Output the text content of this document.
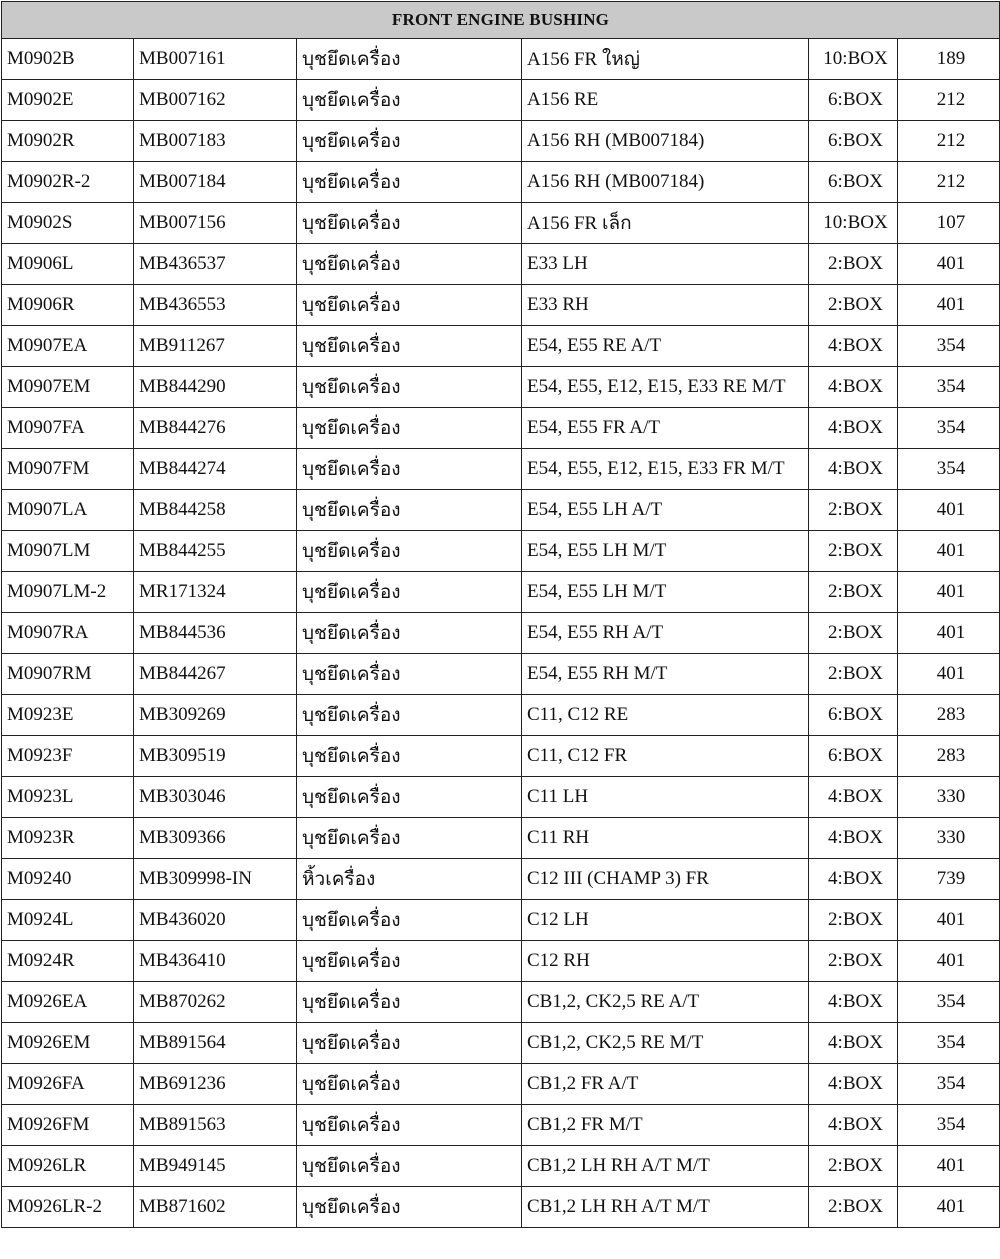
FRONT ENGINE BUSHING					
M0902B	MB007161	บุชยึดเครื่อง	A156 FR ใหญ่	10:BOX	189
M0902E	MB007162	บุชยึดเครื่อง	A156 RE	6:BOX	212
M0902R	MB007183	บุชยึดเครื่อง	A156 RH (MB007184)	6:BOX	212
M0902R-2	MB007184	บุชยึดเครื่อง	A156 RH (MB007184)	6:BOX	212
M0902S	MB007156	บุชยึดเครื่อง	A156 FR เล็ก	10:BOX	107
M0906L	MB436537	บุชยึดเครื่อง	E33 LH	2:BOX	401
M0906R	MB436553	บุชยึดเครื่อง	E33 RH	2:BOX	401
M0907EA	MB911267	บุชยึดเครื่อง	E54, E55 RE A/T	4:BOX	354
M0907EM	MB844290	บุชยึดเครื่อง	E54, E55, E12, E15, E33 RE M/T	4:BOX	354
M0907FA	MB844276	บุชยึดเครื่อง	E54, E55 FR A/T	4:BOX	354
M0907FM	MB844274	บุชยึดเครื่อง	E54, E55, E12, E15, E33 FR M/T	4:BOX	354
M0907LA	MB844258	บุชยึดเครื่อง	E54, E55 LH A/T	2:BOX	401
M0907LM	MB844255	บุชยึดเครื่อง	E54, E55 LH M/T	2:BOX	401
M0907LM-2	MR171324	บุชยึดเครื่อง	E54, E55 LH M/T	2:BOX	401
M0907RA	MB844536	บุชยึดเครื่อง	E54, E55 RH A/T	2:BOX	401
M0907RM	MB844267	บุชยึดเครื่อง	E54, E55 RH M/T	2:BOX	401
M0923E	MB309269	บุชยึดเครื่อง	C11, C12 RE	6:BOX	283
M0923F	MB309519	บุชยึดเครื่อง	C11, C12 FR	6:BOX	283
M0923L	MB303046	บุชยึดเครื่อง	C11 LH	4:BOX	330
M0923R	MB309366	บุชยึดเครื่อง	C11 RH	4:BOX	330
M09240	MB309998-IN	หิ้วเครื่อง	C12 III (CHAMP 3) FR	4:BOX	739
M0924L	MB436020	บุชยึดเครื่อง	C12 LH	2:BOX	401
M0924R	MB436410	บุชยึดเครื่อง	C12 RH	2:BOX	401
M0926EA	MB870262	บุชยึดเครื่อง	CB1,2, CK2,5 RE A/T	4:BOX	354
M0926EM	MB891564	บุชยึดเครื่อง	CB1,2, CK2,5 RE M/T	4:BOX	354
M0926FA	MB691236	บุชยึดเครื่อง	CB1,2 FR A/T	4:BOX	354
M0926FM	MB891563	บุชยึดเครื่อง	CB1,2 FR M/T	4:BOX	354
M0926LR	MB949145	บุชยึดเครื่อง	CB1,2 LH RH A/T M/T	2:BOX	401
M0926LR-2	MB871602	บุชยึดเครื่อง	CB1,2 LH RH A/T M/T	2:BOX	401
